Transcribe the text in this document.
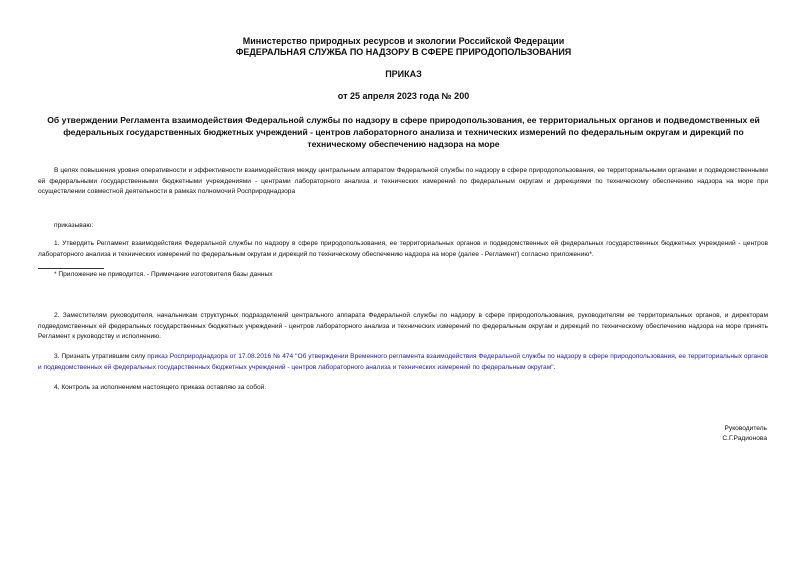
Министерство природных ресурсов и экологии Российской Федерации
ФЕДЕРАЛЬНАЯ СЛУЖБА ПО НАДЗОРУ В СФЕРЕ ПРИРОДОПОЛЬЗОВАНИЯ
ПРИКАЗ
от 25 апреля 2023 года № 200
Об утверждении Регламента взаимодействия Федеральной службы по надзору в сфере природопользования, ее территориальных органов и подведомственных ей федеральных государственных бюджетных учреждений - центров лабораторного анализа и технических измерений по федеральным округам и дирекций по техническому обеспечению надзора на море
В целях повышения уровня оперативности и эффективности взаимодействия между центральным аппаратом Федеральной службы по надзору в сфере природопользования, ее территориальными органами и подведомственными ей федеральными государственными бюджетными учреждениями - центрами лабораторного анализа и технических измерений по федеральным округам и дирекциями по техническому обеспечению надзора на море при осуществлении совместной деятельности в рамках полномочий Росприроднадзора
приказываю:
1. Утвердить Регламент взаимодействия Федеральной службы по надзору в сфере природопользования, ее территориальных органов и подведомственных ей федеральных государственных бюджетных учреждений - центров лабораторного анализа и технических измерений по федеральным округам и дирекций по техническому обеспечению надзора на море (далее - Регламент) согласно приложению*.
* Приложение не приводится. - Примечание изготовителя базы данных
2. Заместителям руководителя, начальникам структурных подразделений центрального аппарата Федеральной службы по надзору в сфере природопользования, руководителям ее территориальных органов, и директорам подведомственных ей федеральных государственных бюджетных учреждений - центров лабораторного анализа и технических измерений по федеральным округам и дирекций по техническому обеспечению надзора на море принять Регламент к руководству и исполнению.
3. Признать утратившим силу приказ Росприроднадзора от 17.08.2016 № 474 "Об утверждении Временного регламента взаимодействия Федеральной службы по надзору в сфере природопользования, ее территориальных органов и подведомственных ей федеральных государственных бюджетных учреждений - центров лабораторного анализа и технических измерений по федеральным округам".
4. Контроль за исполнением настоящего приказа оставляю за собой.
Руководитель
С.Г.Радионова
